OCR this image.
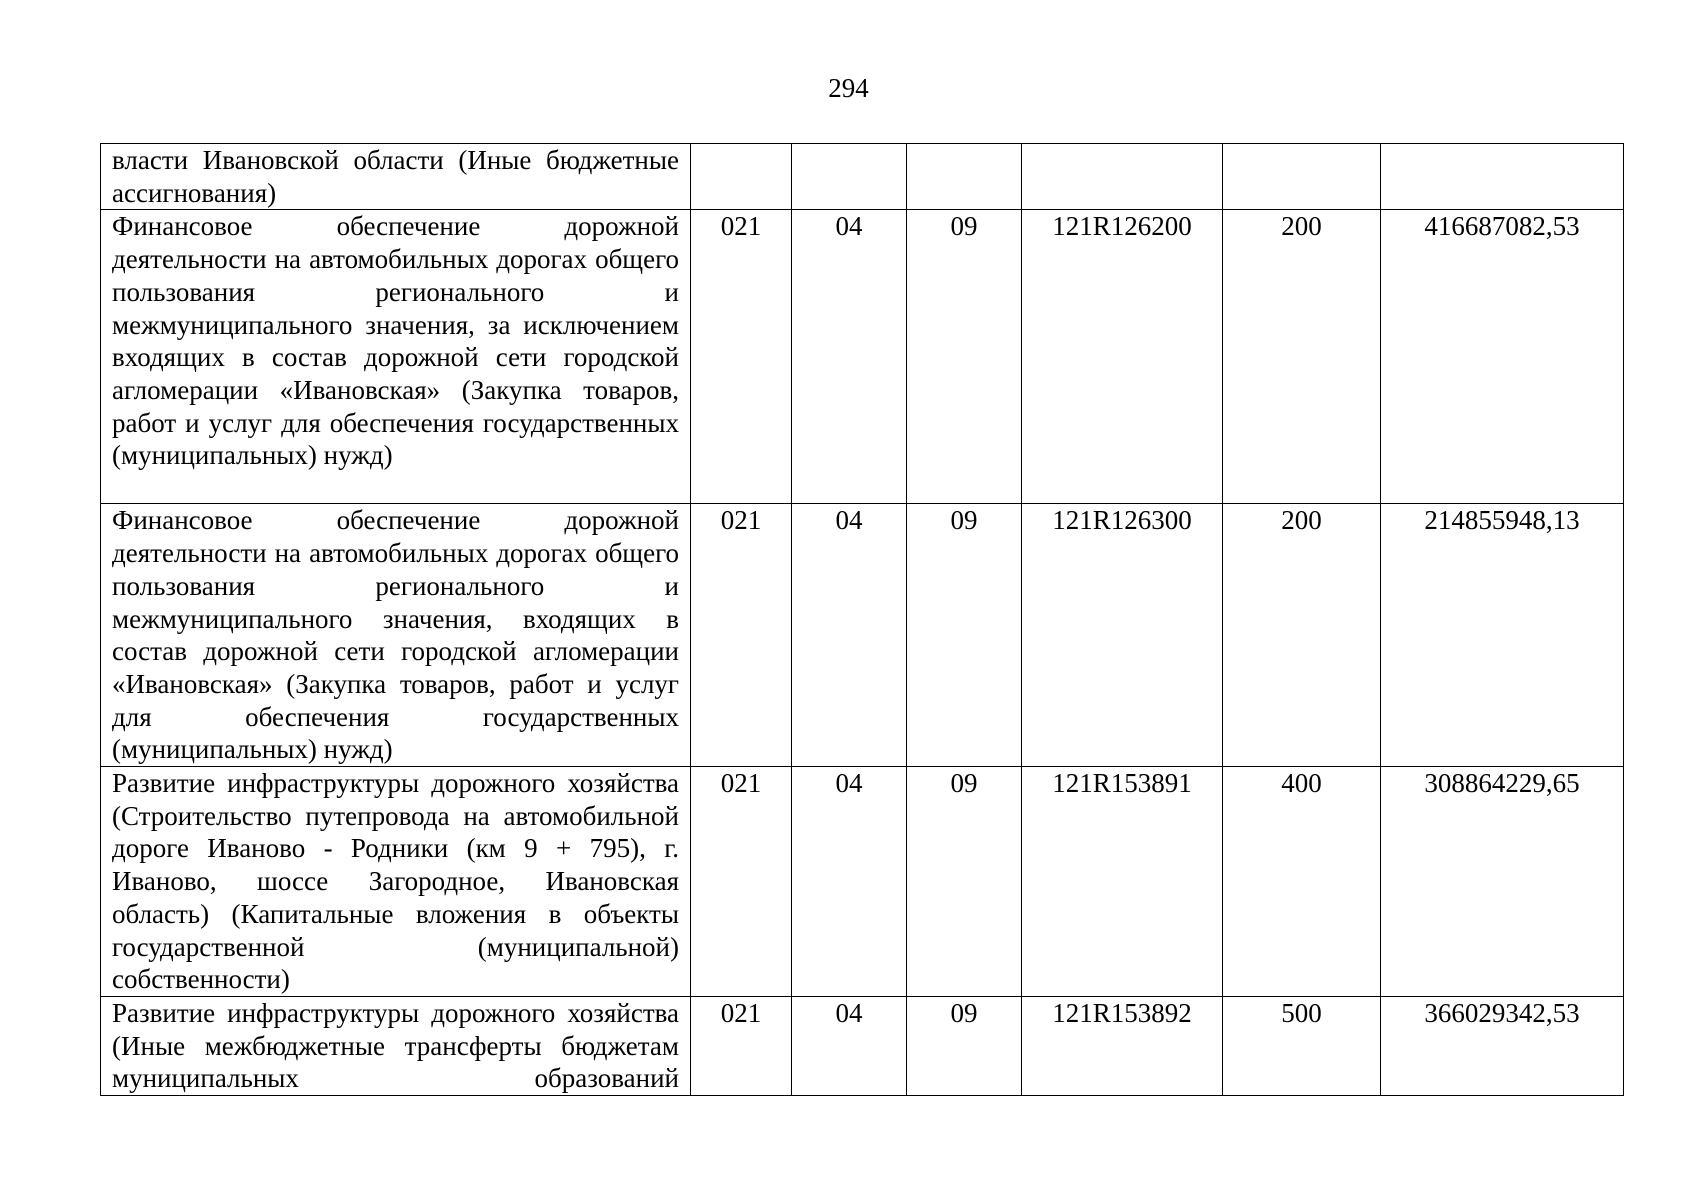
294
власти Ивановской области (Иные бюджетные ассигнования)						
Финансовое обеспечение дорожной деятельности на автомобильных дорогах общего пользования регионального и межмуниципального значения, за исключением входящих в состав дорожной сети городской агломерации «Ивановская» (Закупка товаров, работ и услуг для обеспечения государственных (муниципальных) нужд)	021	04	09	121R126200	200	416687082,53
Финансовое обеспечение дорожной деятельности на автомобильных дорогах общего пользования регионального и межмуниципального значения, входящих в состав дорожной сети городской агломерации «Ивановская» (Закупка товаров, работ и услуг для обеспечения государственных (муниципальных) нужд)	021	04	09	121R126300	200	214855948,13
Развитие инфраструктуры дорожного хозяйства (Строительство путепровода на автомобильной дороге Иваново - Родники (км 9 + 795), г. Иваново, шоссе Загородное, Ивановская область) (Капитальные вложения в объекты государственной (муниципальной) собственности)	021	04	09	121R153891	400	308864229,65
Развитие инфраструктуры дорожного хозяйства (Иные межбюджетные трансферты бюджетам муниципальных образований	021	04	09	121R153892	500	366029342,53
